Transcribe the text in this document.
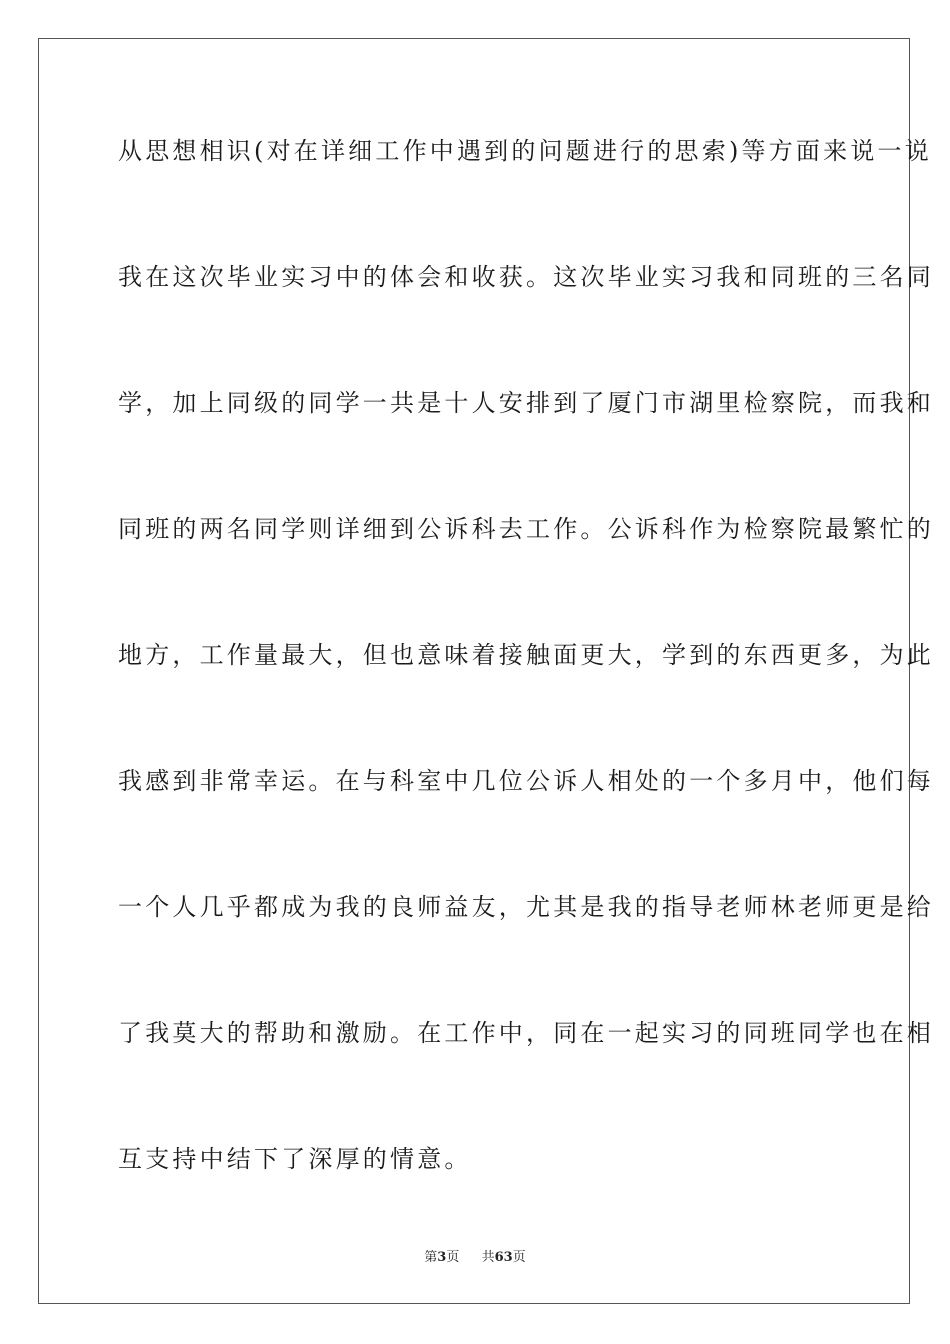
从思想相识(对在详细工作中遇到的问题进行的思索)等方面来说一说
我在这次毕业实习中的体会和收获。这次毕业实习我和同班的三名同
学，加上同级的同学一共是十人安排到了厦门市湖里检察院，而我和
同班的两名同学则详细到公诉科去工作。公诉科作为检察院最繁忙的
地方，工作量最大，但也意味着接触面更大，学到的东西更多，为此
我感到非常幸运。在与科室中几位公诉人相处的一个多月中，他们每
一个人几乎都成为我的良师益友，尤其是我的指导老师林老师更是给
了我莫大的帮助和激励。在工作中，同在一起实习的同班同学也在相
互支持中结下了深厚的情意。
第3页 共63页
